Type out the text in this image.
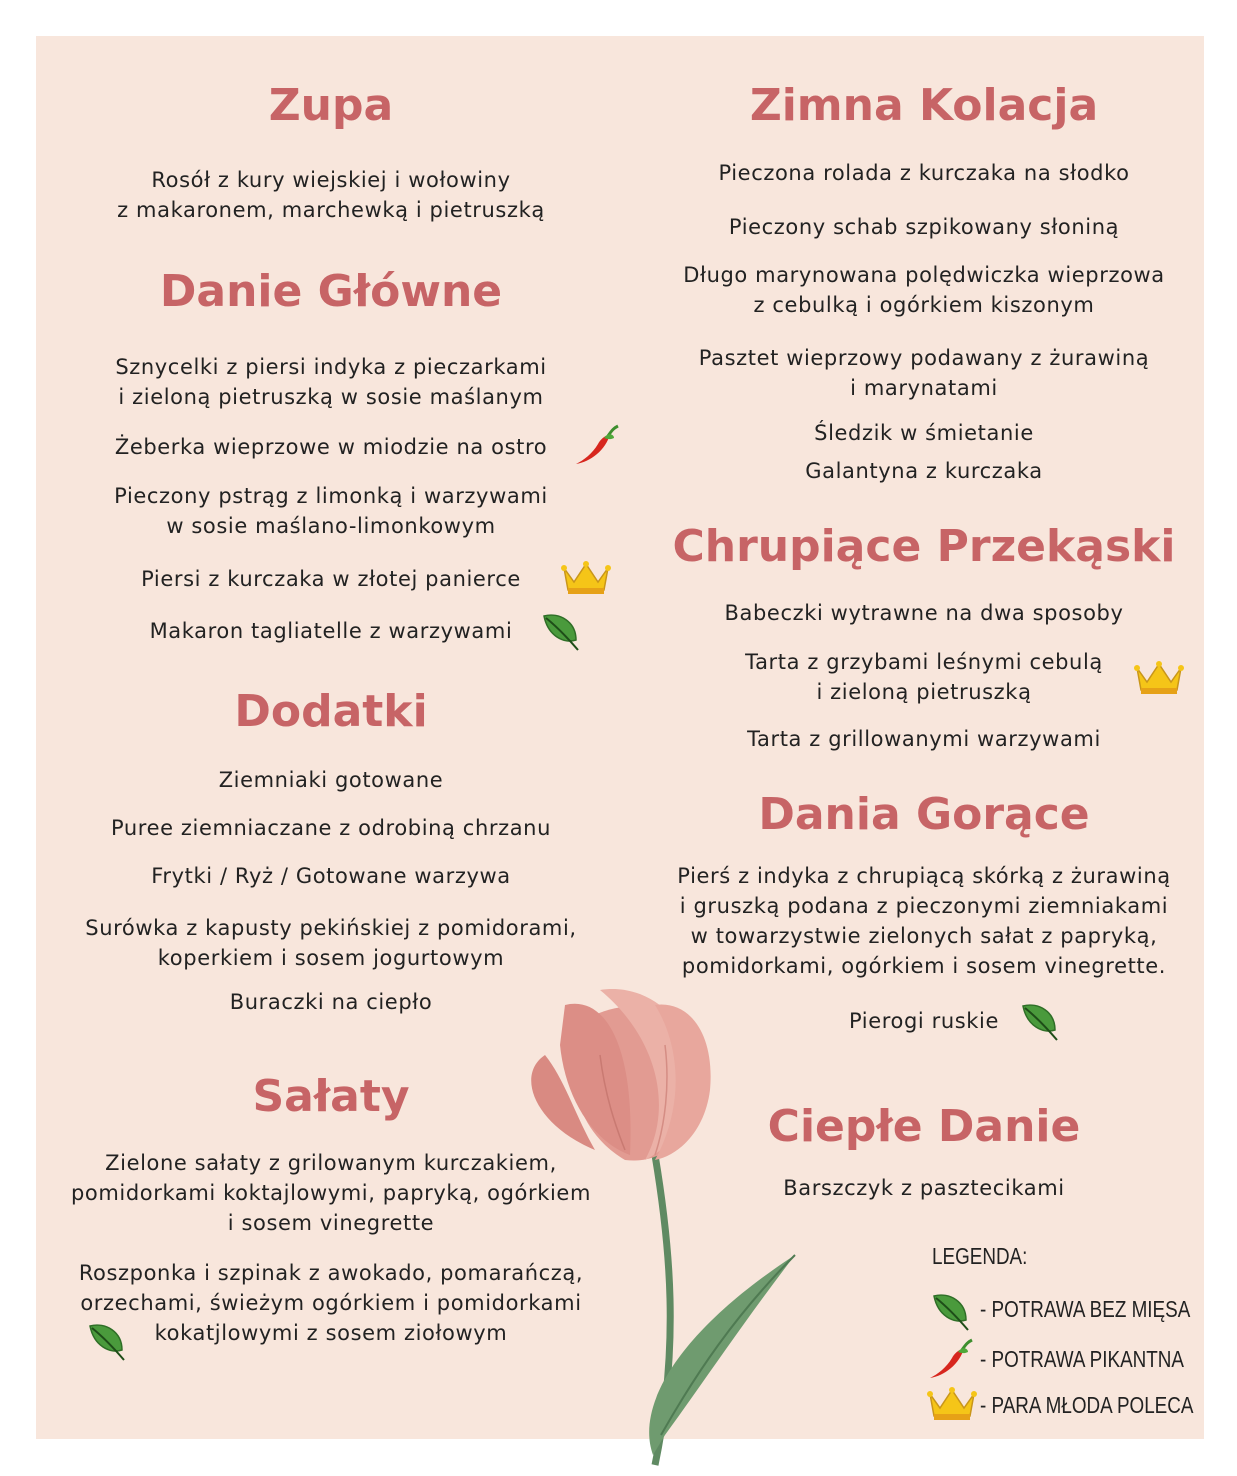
Zupa

Rosół z kury wiejskiej i wołowiny

z makaronem, marchewką i pietruszką

Danie Główne

Sznycelki z piersi indyka z pieczarkami

i zieloną pietruszką w sosie maślanym

Żeberka wieprzowe w miodzie na ostro

Pieczony pstrąg z limonką i warzywami

w sosie maślano-limonkowym

Piersi z kurczaka w złotej panierce

Makaron tagliatelle z warzywami

Dodatki

Ziemniaki gotowane

Puree ziemniaczane z odrobiną chrzanu

Frytki / Ryż / Gotowane warzywa

Surówka z kapusty pekińskiej z pomidorami,

koperkiem i sosem jogurtowym

Buraczki na ciepło

Sałaty

Zielone sałaty z grilowanym kurczakiem,

pomidorkami koktajlowymi, papryką, ogórkiem

i sosem vinegrette

Roszponka i szpinak z awokado, pomarańczą,

orzechami, świeżym ogórkiem i pomidorkami

kokatjlowymi z sosem ziołowym

Zimna Kolacja

Pieczona rolada z kurczaka na słodko

Pieczony schab szpikowany słoniną

Długo marynowana polędwiczka wieprzowa

z cebulką i ogórkiem kiszonym

Pasztet wieprzowy podawany z żurawiną

i marynatami

Śledzik w śmietanie

Galantyna z kurczaka

Chrupiące Przekąski

Babeczki wytrawne na dwa sposoby

Tarta z grzybami leśnymi cebulą

i zieloną pietruszką

Tarta z grillowanymi warzywami

Dania Gorące

Pierś z indyka z chrupiącą skórką z żurawiną

i gruszką podana z pieczonymi ziemniakami

w towarzystwie zielonych sałat z papryką,

pomidorkami, ogórkiem i sosem vinegrette.

Pierogi ruskie

Ciepłe Danie

Barszczyk z pasztecikami

LEGENDA:

- POTRAWA BEZ MIĘSA

- POTRAWA PIKANTNA

- PARA MŁODA POLECA
